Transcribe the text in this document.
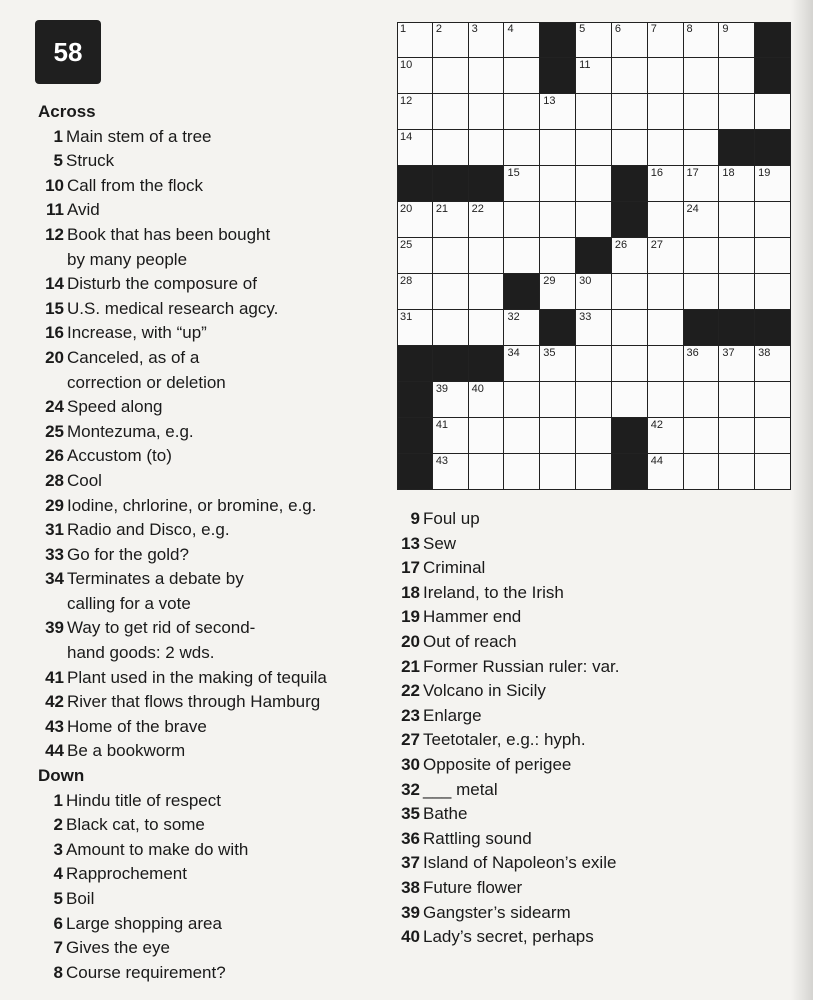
58
Across
1 Main stem of a tree
5 Struck
10 Call from the flock
11 Avid
12 Book that has been bought
by many people
14 Disturb the composure of
15 U.S. medical research agcy.
16 Increase, with “up”
20 Canceled, as of a
correction or deletion
24 Speed along
25 Montezuma, e.g.
26 Accustom (to)
28 Cool
29 Iodine, chrlorine, or bromine, e.g.
31 Radio and Disco, e.g.
33 Go for the gold?
34 Terminates a debate by
calling for a vote
39 Way to get rid of second-
hand goods: 2 wds.
41 Plant used in the making of tequila
42 River that flows through Hamburg
43 Home of the brave
44 Be a bookworm
Down
1 Hindu title of respect
2 Black cat, to some
3 Amount to make do with
4 Rapprochement
5 Boil
6 Large shopping area
7 Gives the eye
8 Course requirement?
9 Foul up
13 Sew
17 Criminal
18 Ireland, to the Irish
19 Hammer end
20 Out of reach
21 Former Russian ruler: var.
22 Volcano in Sicily
23 Enlarge
27 Teetotaler, e.g.: hyph.
30 Opposite of perigee
32 ___ metal
35 Bathe
36 Rattling sound
37 Island of Napoleon’s exile
38 Future flower
39 Gangster’s sidearm
40 Lady’s secret, perhaps
1	2	3	4	5	6	7	8	9
10	11
12	13
14
15	16 17 18 19
20 21 22	24
25	26 27
28	29 30
31	32	33
34 35	36 37 38
39 40
41	42
43	44
